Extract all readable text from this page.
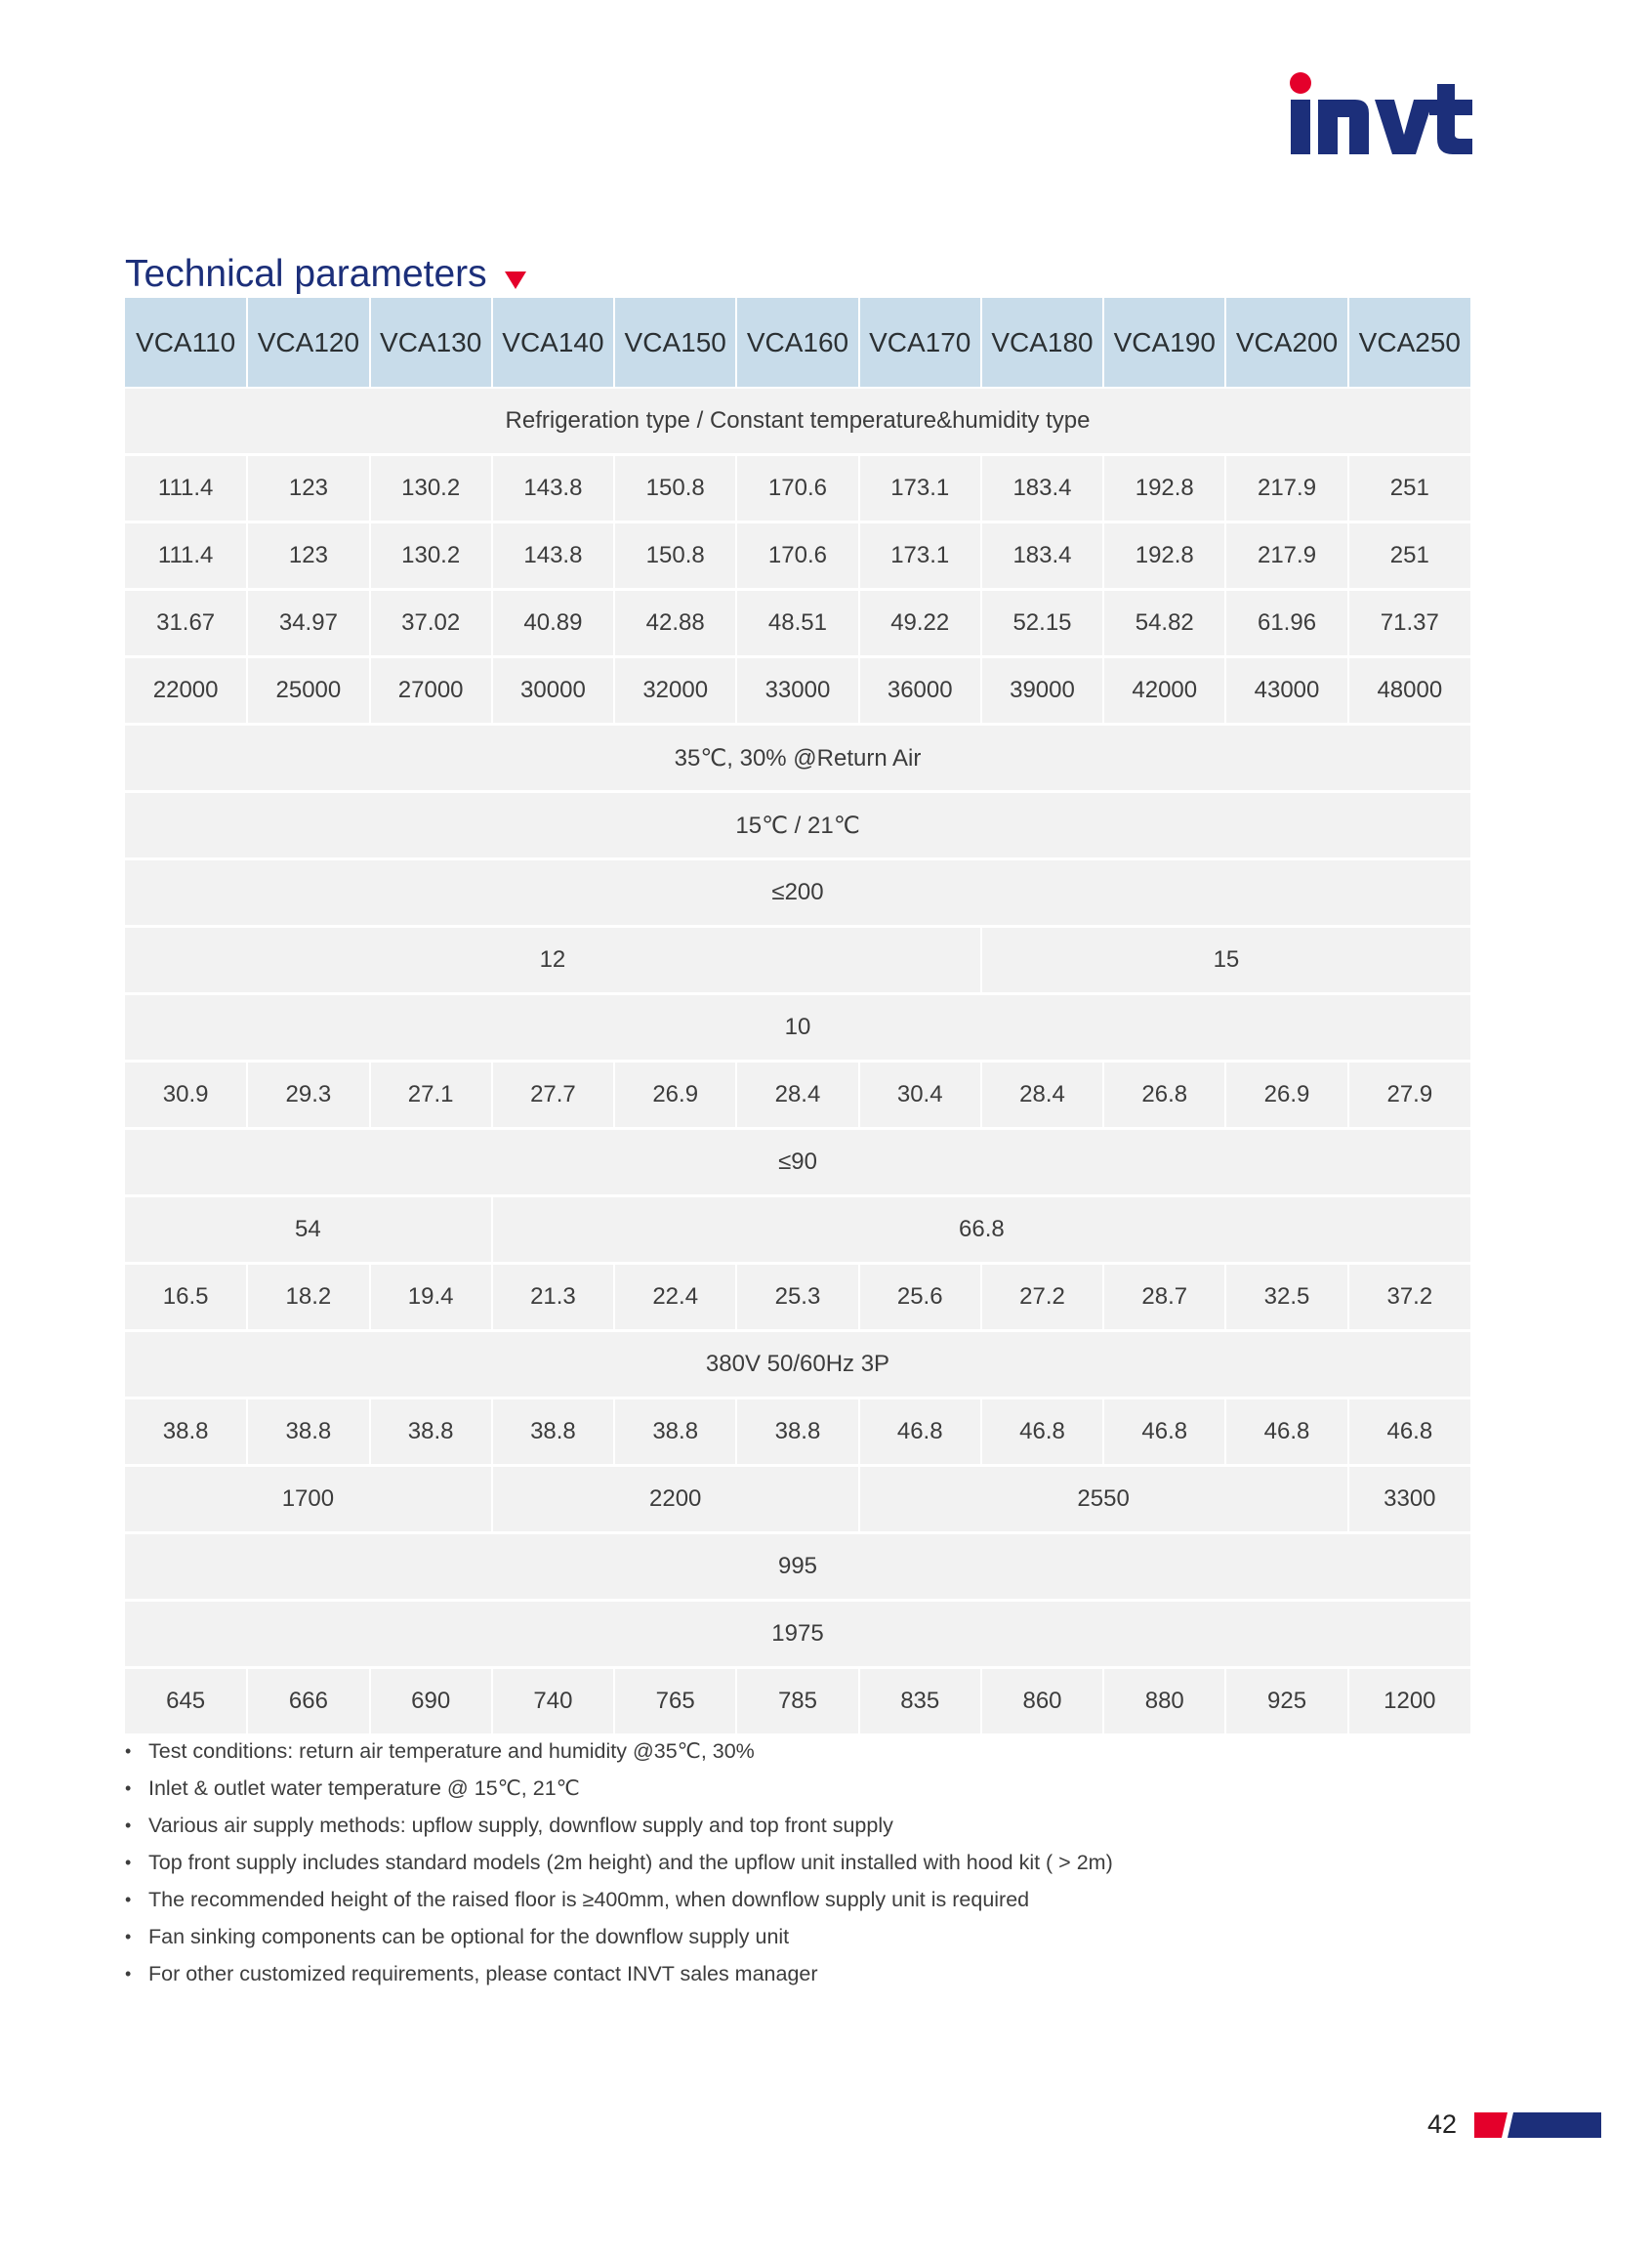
Technical parameters
VCA110	VCA120	VCA130	VCA140	VCA150	VCA160	VCA170	VCA180	VCA190	VCA200	VCA250
Refrigeration type / Constant temperature&humidity type										
111.4	123	130.2	143.8	150.8	170.6	173.1	183.4	192.8	217.9	251
111.4	123	130.2	143.8	150.8	170.6	173.1	183.4	192.8	217.9	251
31.67	34.97	37.02	40.89	42.88	48.51	49.22	52.15	54.82	61.96	71.37
22000	25000	27000	30000	32000	33000	36000	39000	42000	43000	48000
35℃, 30% @Return Air										
15℃ / 21℃										
≤200										
12							15			
10										
30.9	29.3	27.1	27.7	26.9	28.4	30.4	28.4	26.8	26.9	27.9
≤90										
54			66.8							
16.5	18.2	19.4	21.3	22.4	25.3	25.6	27.2	28.7	32.5	37.2
380V 50/60Hz 3P										
38.8	38.8	38.8	38.8	38.8	38.8	46.8	46.8	46.8	46.8	46.8
1700			2200			2550				3300
995										
1975										
645	666	690	740	765	785	835	860	880	925	1200
• Test conditions: return air temperature and humidity @35℃, 30%
• Inlet & outlet water temperature @ 15℃, 21℃
• Various air supply methods: upflow supply, downflow supply and top front supply
• Top front supply includes standard models (2m height) and the upflow unit installed with hood kit ( > 2m)
• The recommended height of the raised floor is ≥400mm, when downflow supply unit is required
• Fan sinking components can be optional for the downflow supply unit
• For other customized requirements, please contact INVT sales manager
42
